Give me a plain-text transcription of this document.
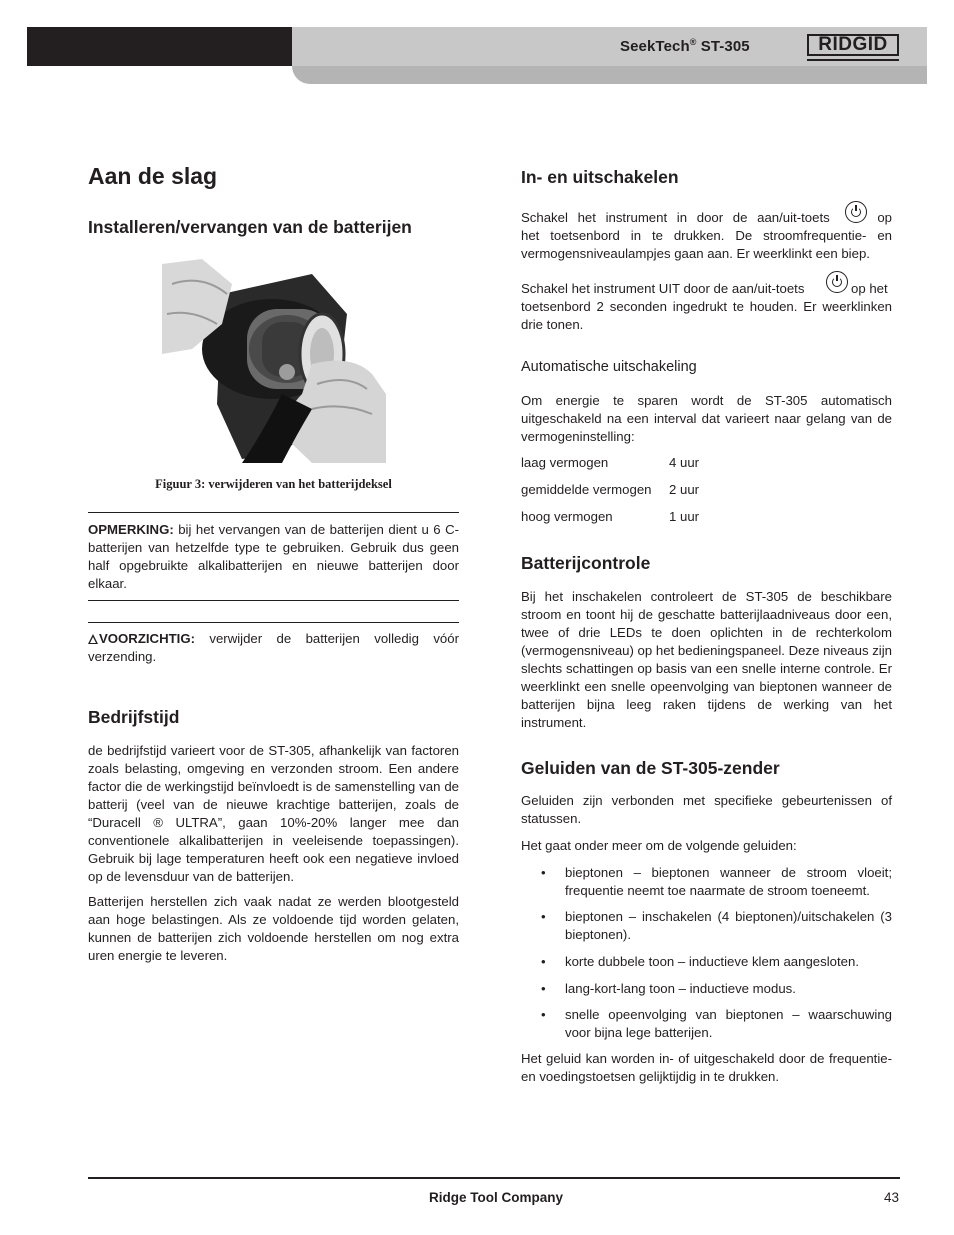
SeekTech® ST-305	RIDGID
Aan de slag
Installeren/vervangen van de batterijen
Figuur 3: verwijderen van het batterijdeksel

OPMERKING: bij het vervangen van de batterijen dient u 6 C-batterijen van hetzelfde type te gebruiken. Gebruik dus geen half opgebruikte alkalibatterijen en nieuwe batterijen door elkaar.

VOORZICHTIG: verwijder de batterijen volledig vóór verzending.

Bedrijfstijd

de bedrijfstijd varieert voor de ST-305, afhankelijk van factoren zoals belasting, omgeving en verzonden stroom. Een andere factor die de werkingstijd beïnvloedt is de samenstelling van de batterij (veel van de nieuwe krachtige batterijen, zoals de “Duracell ® ULTRA”, gaan 10%-20% langer mee dan conventionele alkalibatterijen in veeleisende toepassingen). Gebruik bij lage temperaturen heeft ook een negatieve invloed op de levensduur van de batterijen.

Batterijen herstellen zich vaak nadat ze werden blootgesteld aan hoge belastingen. Als ze voldoende tijd worden gelaten, kunnen de batterijen zich voldoende herstellen om nog extra uren energie te leveren.

In- en uitschakelen
Schakel het instrument in door de aan/uit-toets	op
het toetsenbord in te drukken. De stroomfrequentie- en vermogensniveaulampjes gaan aan. Er weerklinkt een biep.
Schakel het instrument UIT door de aan/uit-toets	op het
toetsenbord 2 seconden ingedrukt te houden. Er weerklinken drie tonen.
Automatische uitschakeling

Om energie te sparen wordt de ST-305 automatisch uitgeschakeld na een interval dat varieert naar gelang van de vermogeninstelling:

laag vermogen	4 uur
gemiddelde vermogen 2 uur
hoog vermogen	1 uur
Batterijcontrole

Bij het inschakelen controleert de ST-305 de beschikbare stroom en toont hij de geschatte batterijlaadniveaus door een, twee of drie LEDs te doen oplichten in de rechterkolom (vermogensniveau) op het bedieningspaneel. Deze niveaus zijn slechts schattingen op basis van een snelle interne controle. Er weerklinkt een snelle opeenvolging van bieptonen wanneer de batterijen bijna leeg raken tijdens de werking van het instrument.

Geluiden van de ST-305-zender

Geluiden zijn verbonden met specifieke gebeurtenissen of statussen.

Het gaat onder meer om de volgende geluiden:

• bieptonen – bieptonen wanneer de stroom vloeit; frequentie neemt toe naarmate de stroom toeneemt.
• bieptonen – inschakelen (4 bieptonen)/uitschakelen (3 bieptonen).
• korte dubbele toon – inductieve klem aangesloten.
• lang-kort-lang toon – inductieve modus.
• snelle opeenvolging van bieptonen – waarschuwing voor bijna lege batterijen.

Het geluid kan worden in- of uitgeschakeld door de frequentie- en voedingstoetsen gelijktijdig in te drukken.

Ridge Tool Company	43
